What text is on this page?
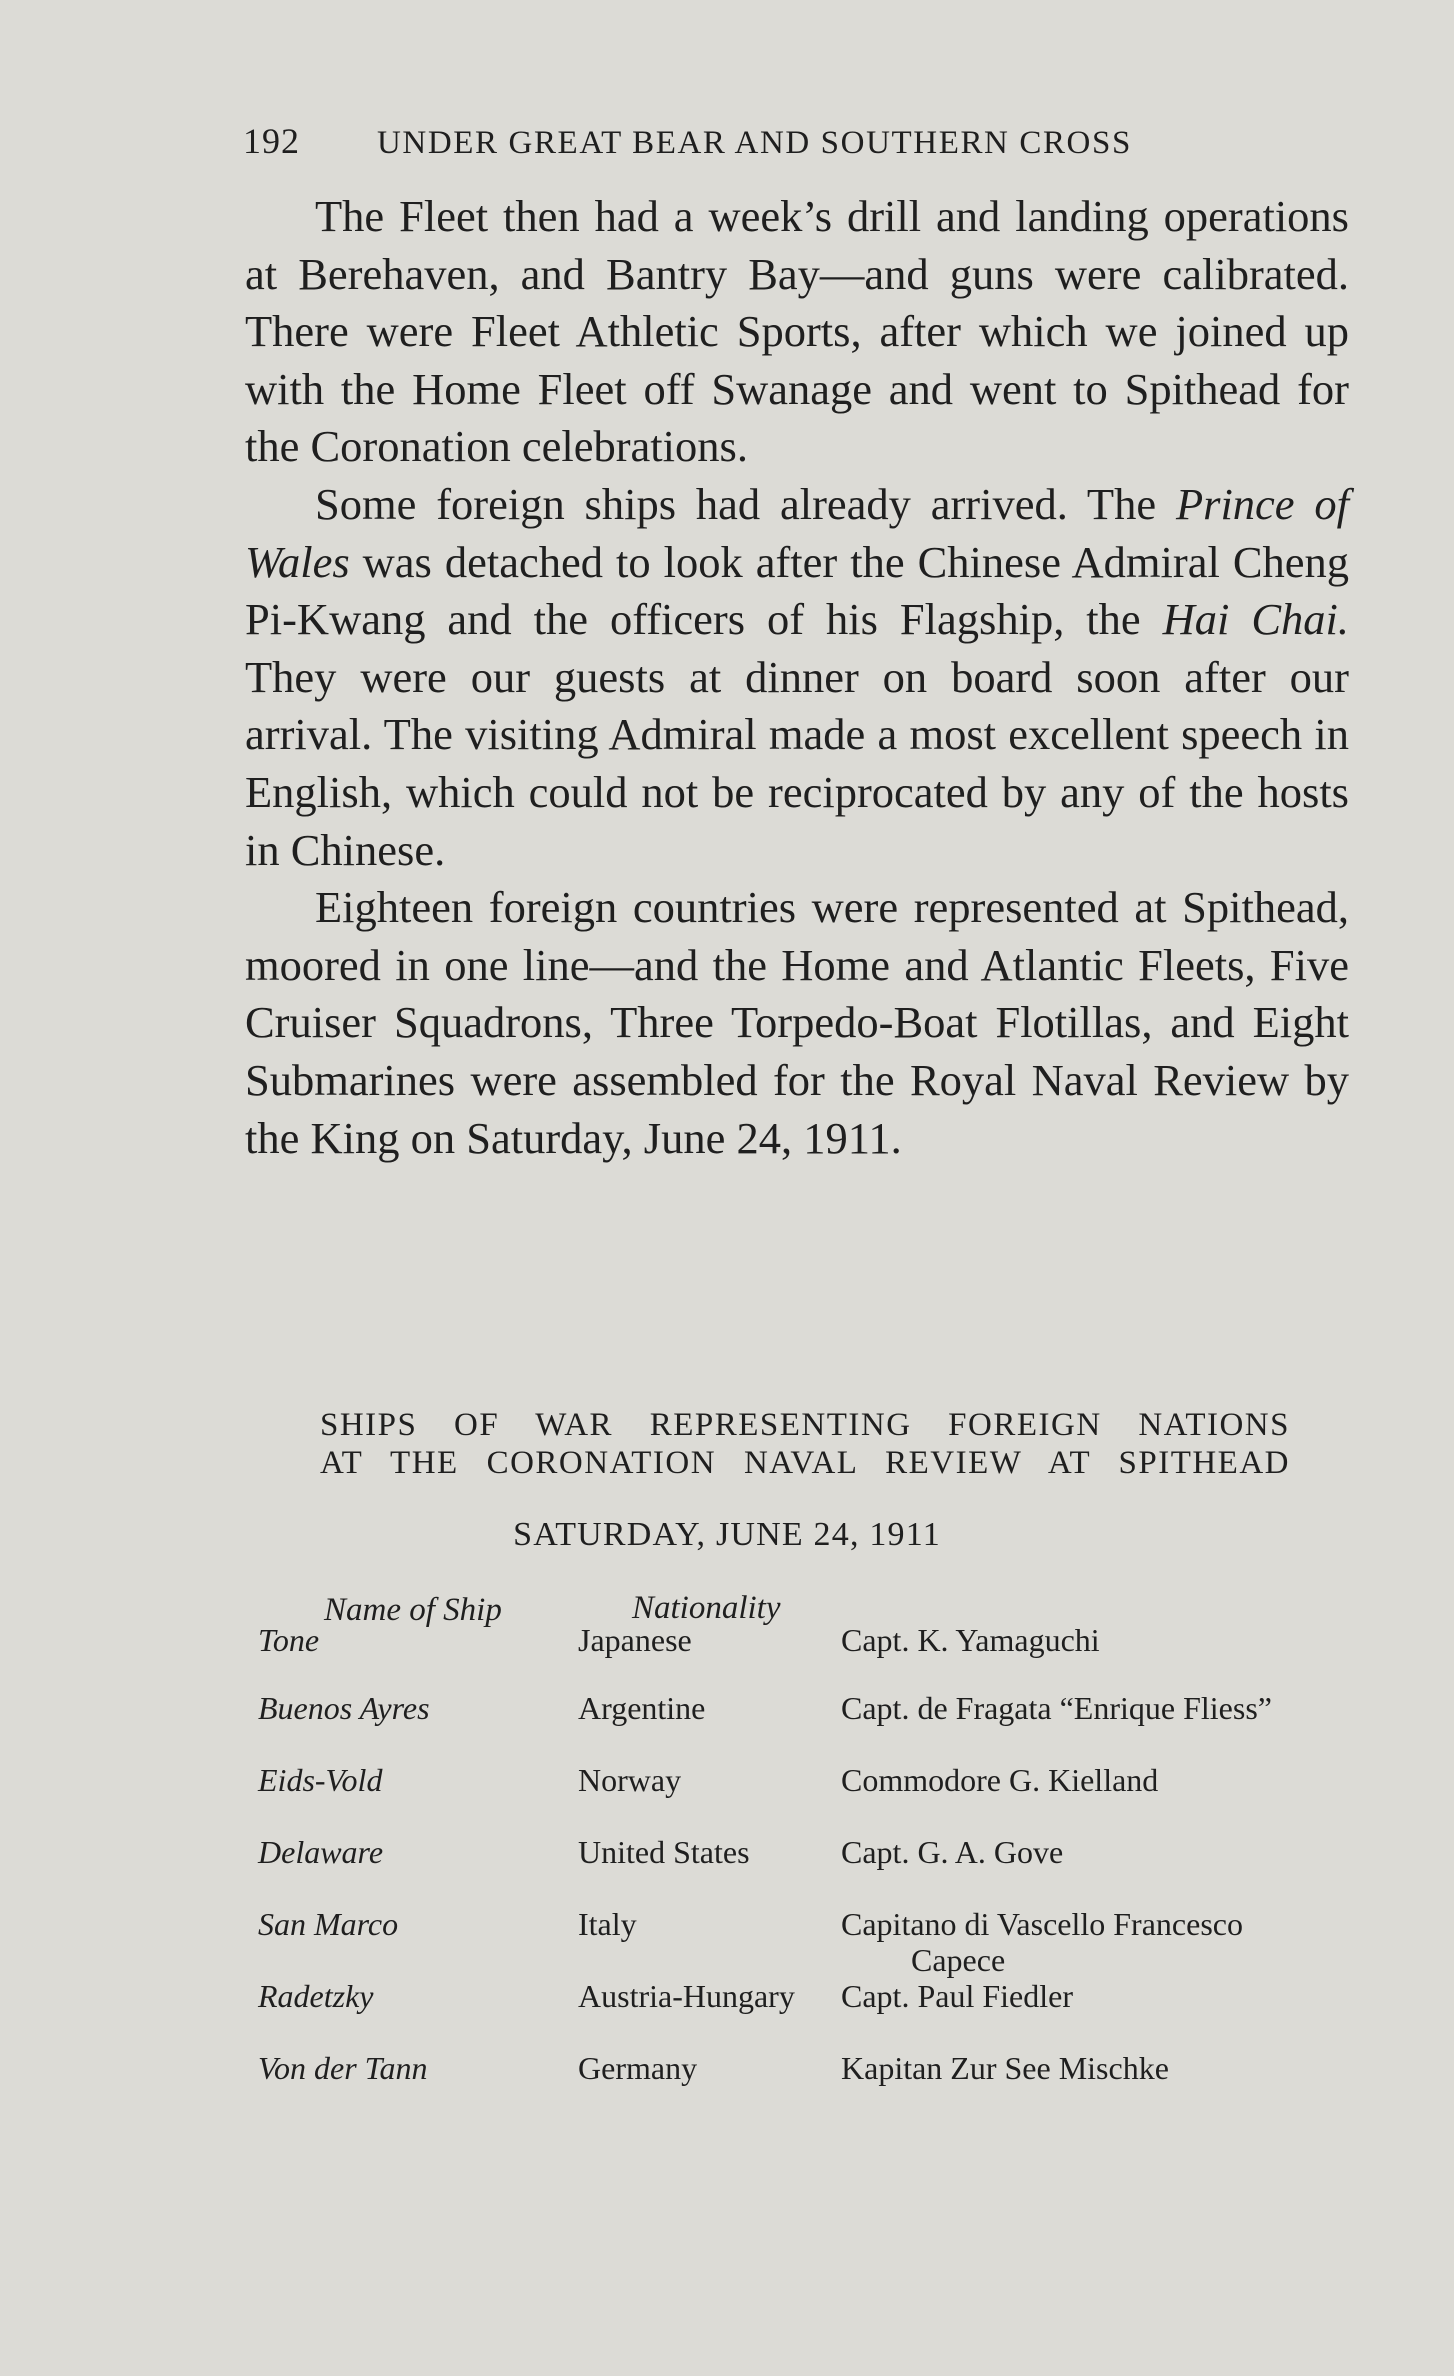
192 UNDER GREAT BEAR AND SOUTHERN CROSS

The Fleet then had a week’s drill and landing operations at Berehaven, and Bantry Bay—and guns were calibrated. There were Fleet Athletic Sports, after which we joined up with the Home Fleet off Swanage and went to Spithead for the Coronation celebrations.

Some foreign ships had already arrived. The Prince of Wales was detached to look after the Chinese Admiral Cheng Pi-Kwang and the officers of his Flagship, the Hai Chai. They were our guests at dinner on board soon after our arrival. The visiting Admiral made a most excellent speech in English, which could not be reciprocated by any of the hosts in Chinese.

Eighteen foreign countries were represented at Spithead, moored in one line—and the Home and Atlantic Fleets, Five Cruiser Squadrons, Three Torpedo-Boat Flotillas, and Eight Submarines were assembled for the Royal Naval Review by the King on Saturday, June 24, 1911.

SHIPS OF WAR REPRESENTING FOREIGN NATIONS
AT THE CORONATION NAVAL REVIEW AT SPITHEAD
SATURDAY, JUNE 24, 1911
Name of Ship	Nationality
Tone	Japanese	Capt. K. Yamaguchi
Buenos Ayres	Argentine	Capt. de Fragata “Enrique Fliess”
Eids-Vold	Norway	Commodore G. Kielland
Delaware	United States	Capt. G. A. Gove
San Marco	Italy	Capitano di Vascello Francesco
Capece
Radetzky	Austria-Hungary Capt. Paul Fiedler
Von der Tann	Germany	Kapitan Zur See Mischke
